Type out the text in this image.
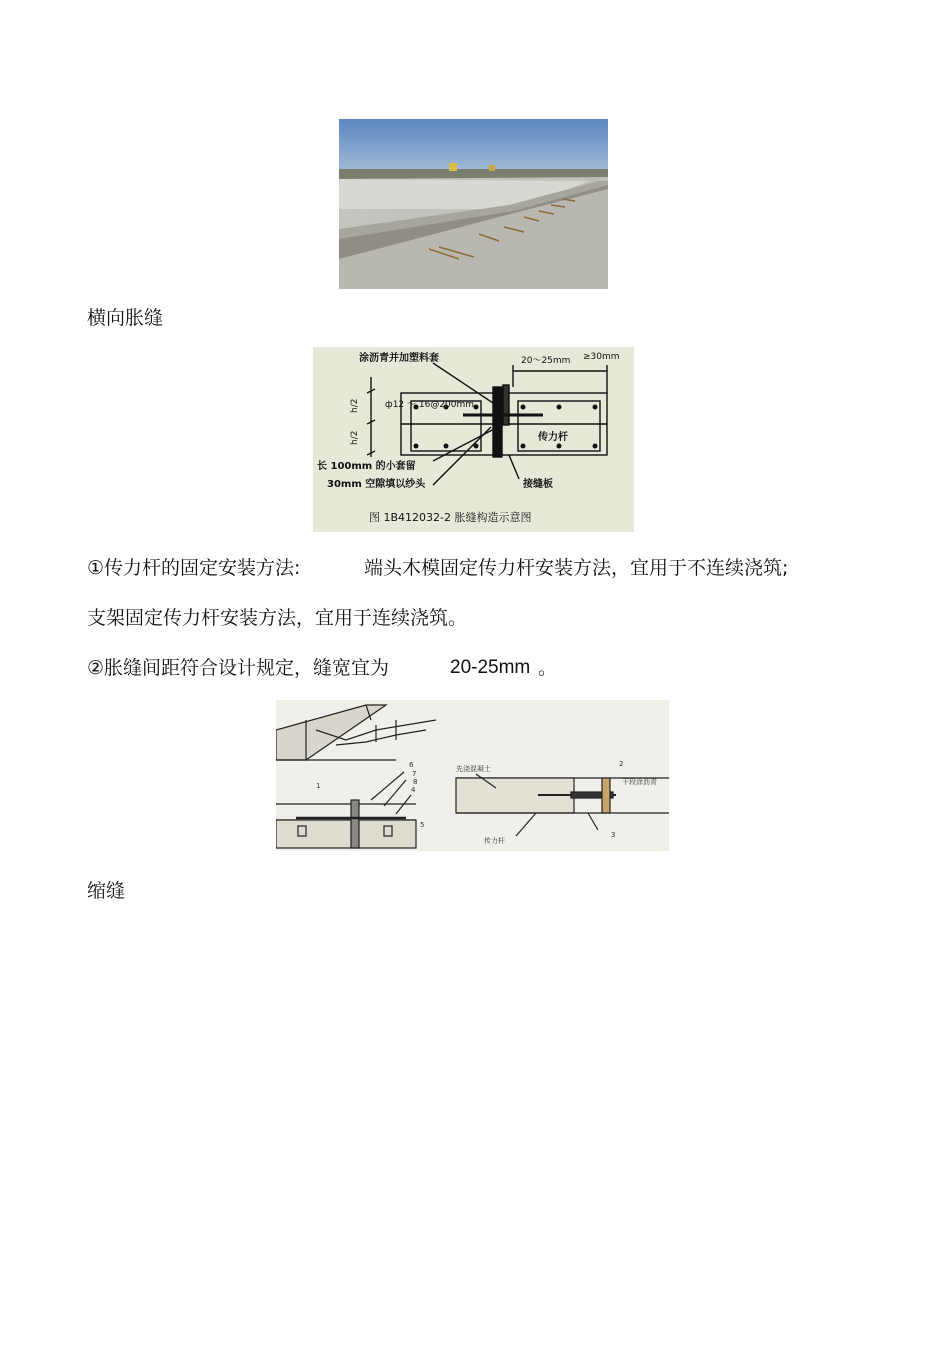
横向胀缝
涂沥青并加塑料套	20～25mm ≥30mm
h/2
h/2
ф12 ～ 16@200mm
传力杆
长 100mm 的小套留
30mm 空隙填以纱头	接缝板
图 1B412032-2 胀缝构造示意图
①传力杆的固定安装方法:	端头木模固定传力杆安装方法，宜用于不连续浇筑;
支架固定传力杆安装方法，宜用于连续浇筑。
②胀缝间距符合设计规定，缝宽宜为	20-25mm 。
先浇混凝土
传力杆
干段涂沥青
1
2
3
4
5
6
7
8
缩缝
